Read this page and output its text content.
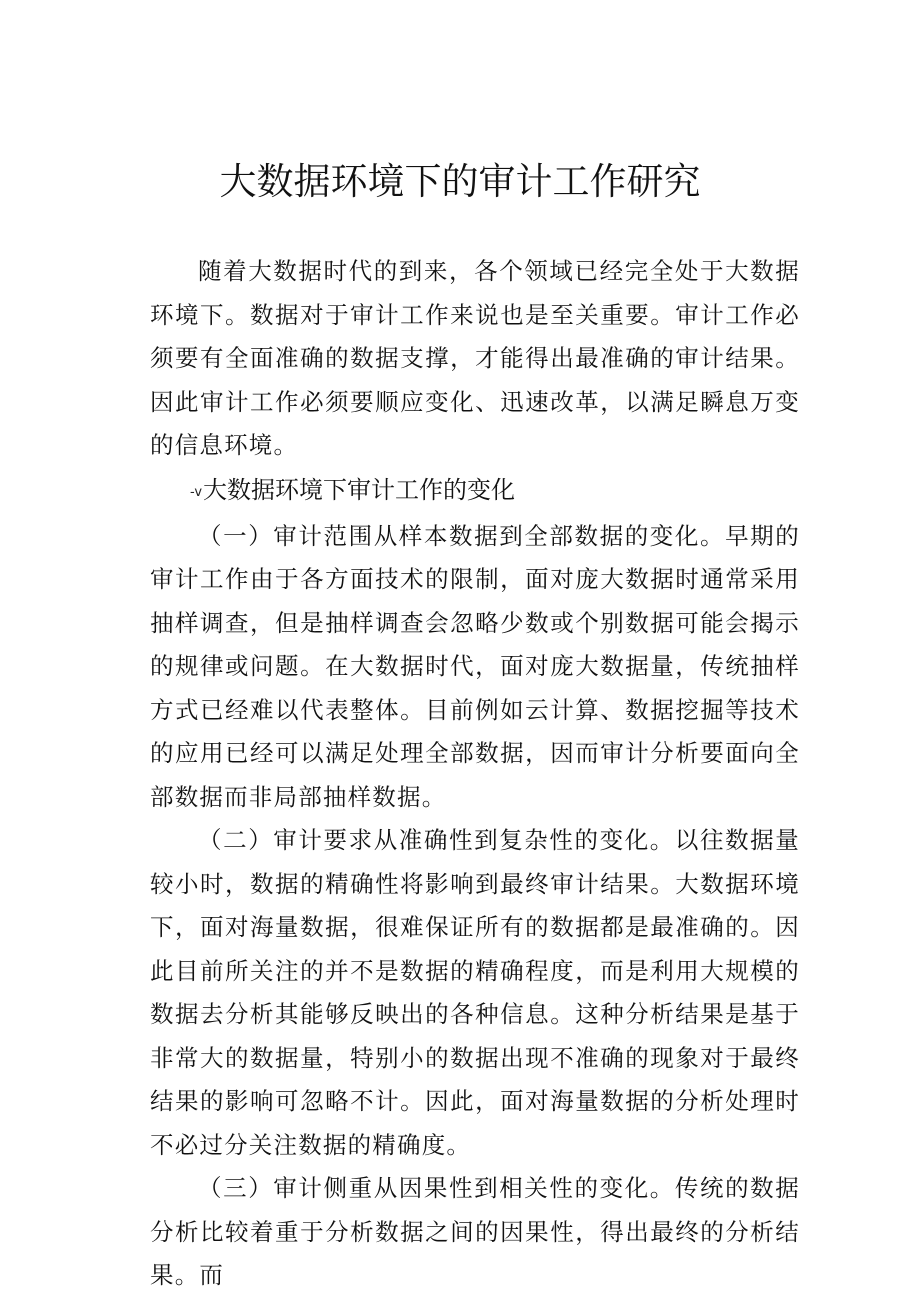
大数据环境下的审计工作研究

随着大数据时代的到来，各个领域已经完全处于大数据环境下。数据对于审计工作来说也是至关重要。审计工作必须要有全面准确的数据支撑，才能得出最准确的审计结果。因此审计工作必须要顺应变化、迅速改革，以满足瞬息万变的信息环境。

-v大数据环境下审计工作的变化

（一）审计范围从样本数据到全部数据的变化。早期的审计工作由于各方面技术的限制，面对庞大数据时通常采用抽样调查，但是抽样调查会忽略少数或个别数据可能会揭示的规律或问题。在大数据时代，面对庞大数据量，传统抽样方式已经难以代表整体。目前例如云计算、数据挖掘等技术的应用已经可以满足处理全部数据，因而审计分析要面向全部数据而非局部抽样数据。

（二）审计要求从准确性到复杂性的变化。以往数据量较小时，数据的精确性将影响到最终审计结果。大数据环境下，面对海量数据，很难保证所有的数据都是最准确的。因此目前所关注的并不是数据的精确程度，而是利用大规模的数据去分析其能够反映出的各种信息。这种分析结果是基于非常大的数据量，特别小的数据出现不准确的现象对于最终结果的影响可忽略不计。因此，面对海量数据的分析处理时不必过分关注数据的精确度。

（三）审计侧重从因果性到相关性的变化。传统的数据分析比较着重于分析数据之间的因果性，得出最终的分析结果。而
